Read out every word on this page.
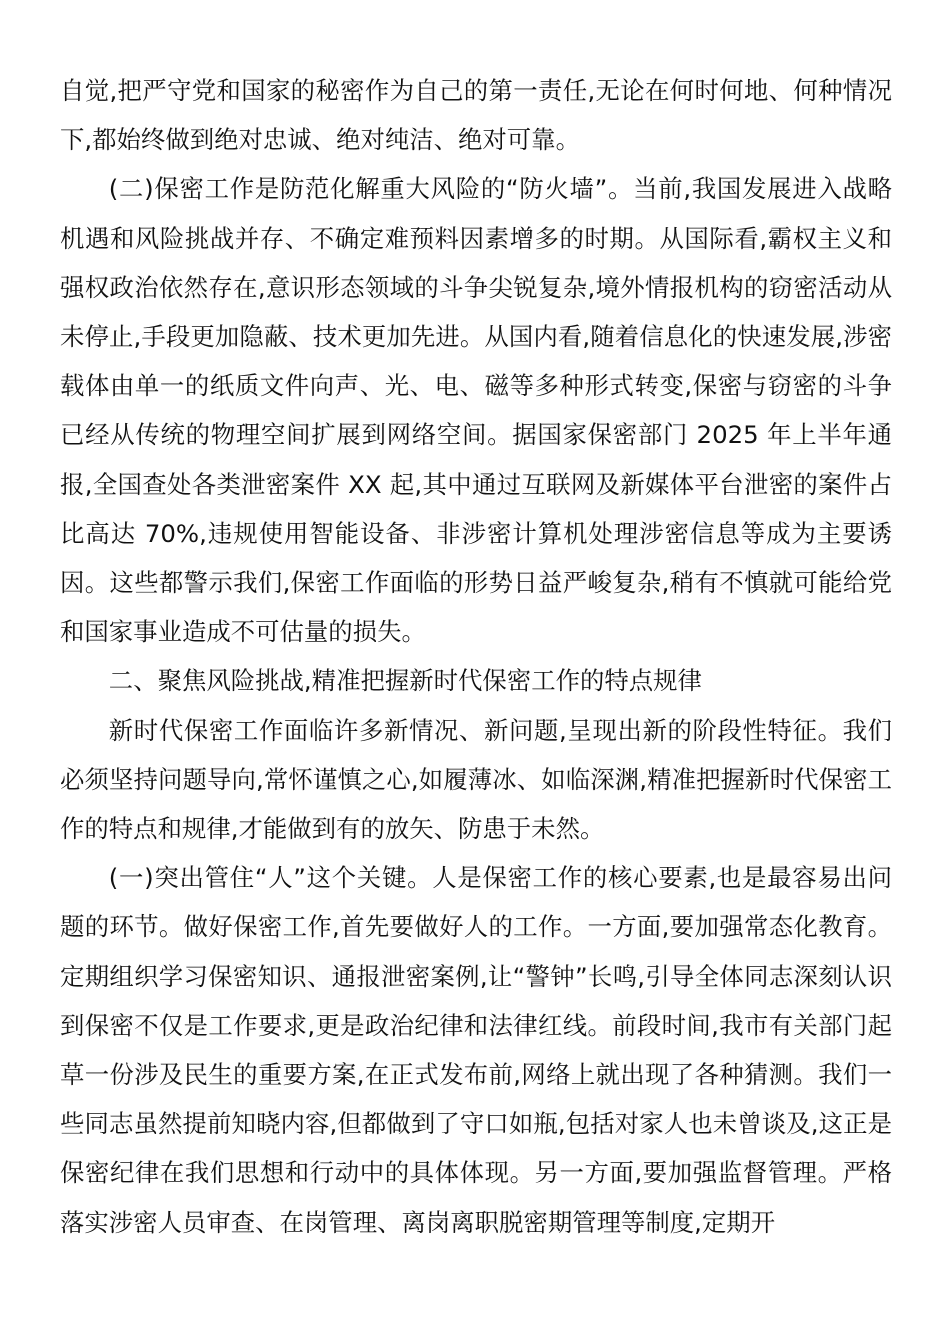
自觉,把严守党和国家的秘密作为自己的第一责任,无论在何时何地、何种情况下,都始终做到绝对忠诚、绝对纯洁、绝对可靠。

(二)保密工作是防范化解重大风险的“防火墙”。当前,我国发展进入战略机遇和风险挑战并存、不确定难预料因素增多的时期。从国际看,霸权主义和强权政治依然存在,意识形态领域的斗争尖锐复杂,境外情报机构的窃密活动从未停止,手段更加隐蔽、技术更加先进。从国内看,随着信息化的快速发展,涉密载体由单一的纸质文件向声、光、电、磁等多种形式转变,保密与窃密的斗争已经从传统的物理空间扩展到网络空间。据国家保密部门 2025 年上半年通报,全国查处各类泄密案件 XX 起,其中通过互联网及新媒体平台泄密的案件占比高达 70%,违规使用智能设备、非涉密计算机处理涉密信息等成为主要诱因。这些都警示我们,保密工作面临的形势日益严峻复杂,稍有不慎就可能给党和国家事业造成不可估量的损失。

二、聚焦风险挑战,精准把握新时代保密工作的特点规律

新时代保密工作面临许多新情况、新问题,呈现出新的阶段性特征。我们必须坚持问题导向,常怀谨慎之心,如履薄冰、如临深渊,精准把握新时代保密工作的特点和规律,才能做到有的放矢、防患于未然。

(一)突出管住“人”这个关键。人是保密工作的核心要素,也是最容易出问题的环节。做好保密工作,首先要做好人的工作。一方面,要加强常态化教育。定期组织学习保密知识、通报泄密案例,让“警钟”长鸣,引导全体同志深刻认识到保密不仅是工作要求,更是政治纪律和法律红线。前段时间,我市有关部门起草一份涉及民生的重要方案,在正式发布前,网络上就出现了各种猜测。我们一些同志虽然提前知晓内容,但都做到了守口如瓶,包括对家人也未曾谈及,这正是保密纪律在我们思想和行动中的具体体现。另一方面,要加强监督管理。严格落实涉密人员审查、在岗管理、离岗离职脱密期管理等制度,定期开
